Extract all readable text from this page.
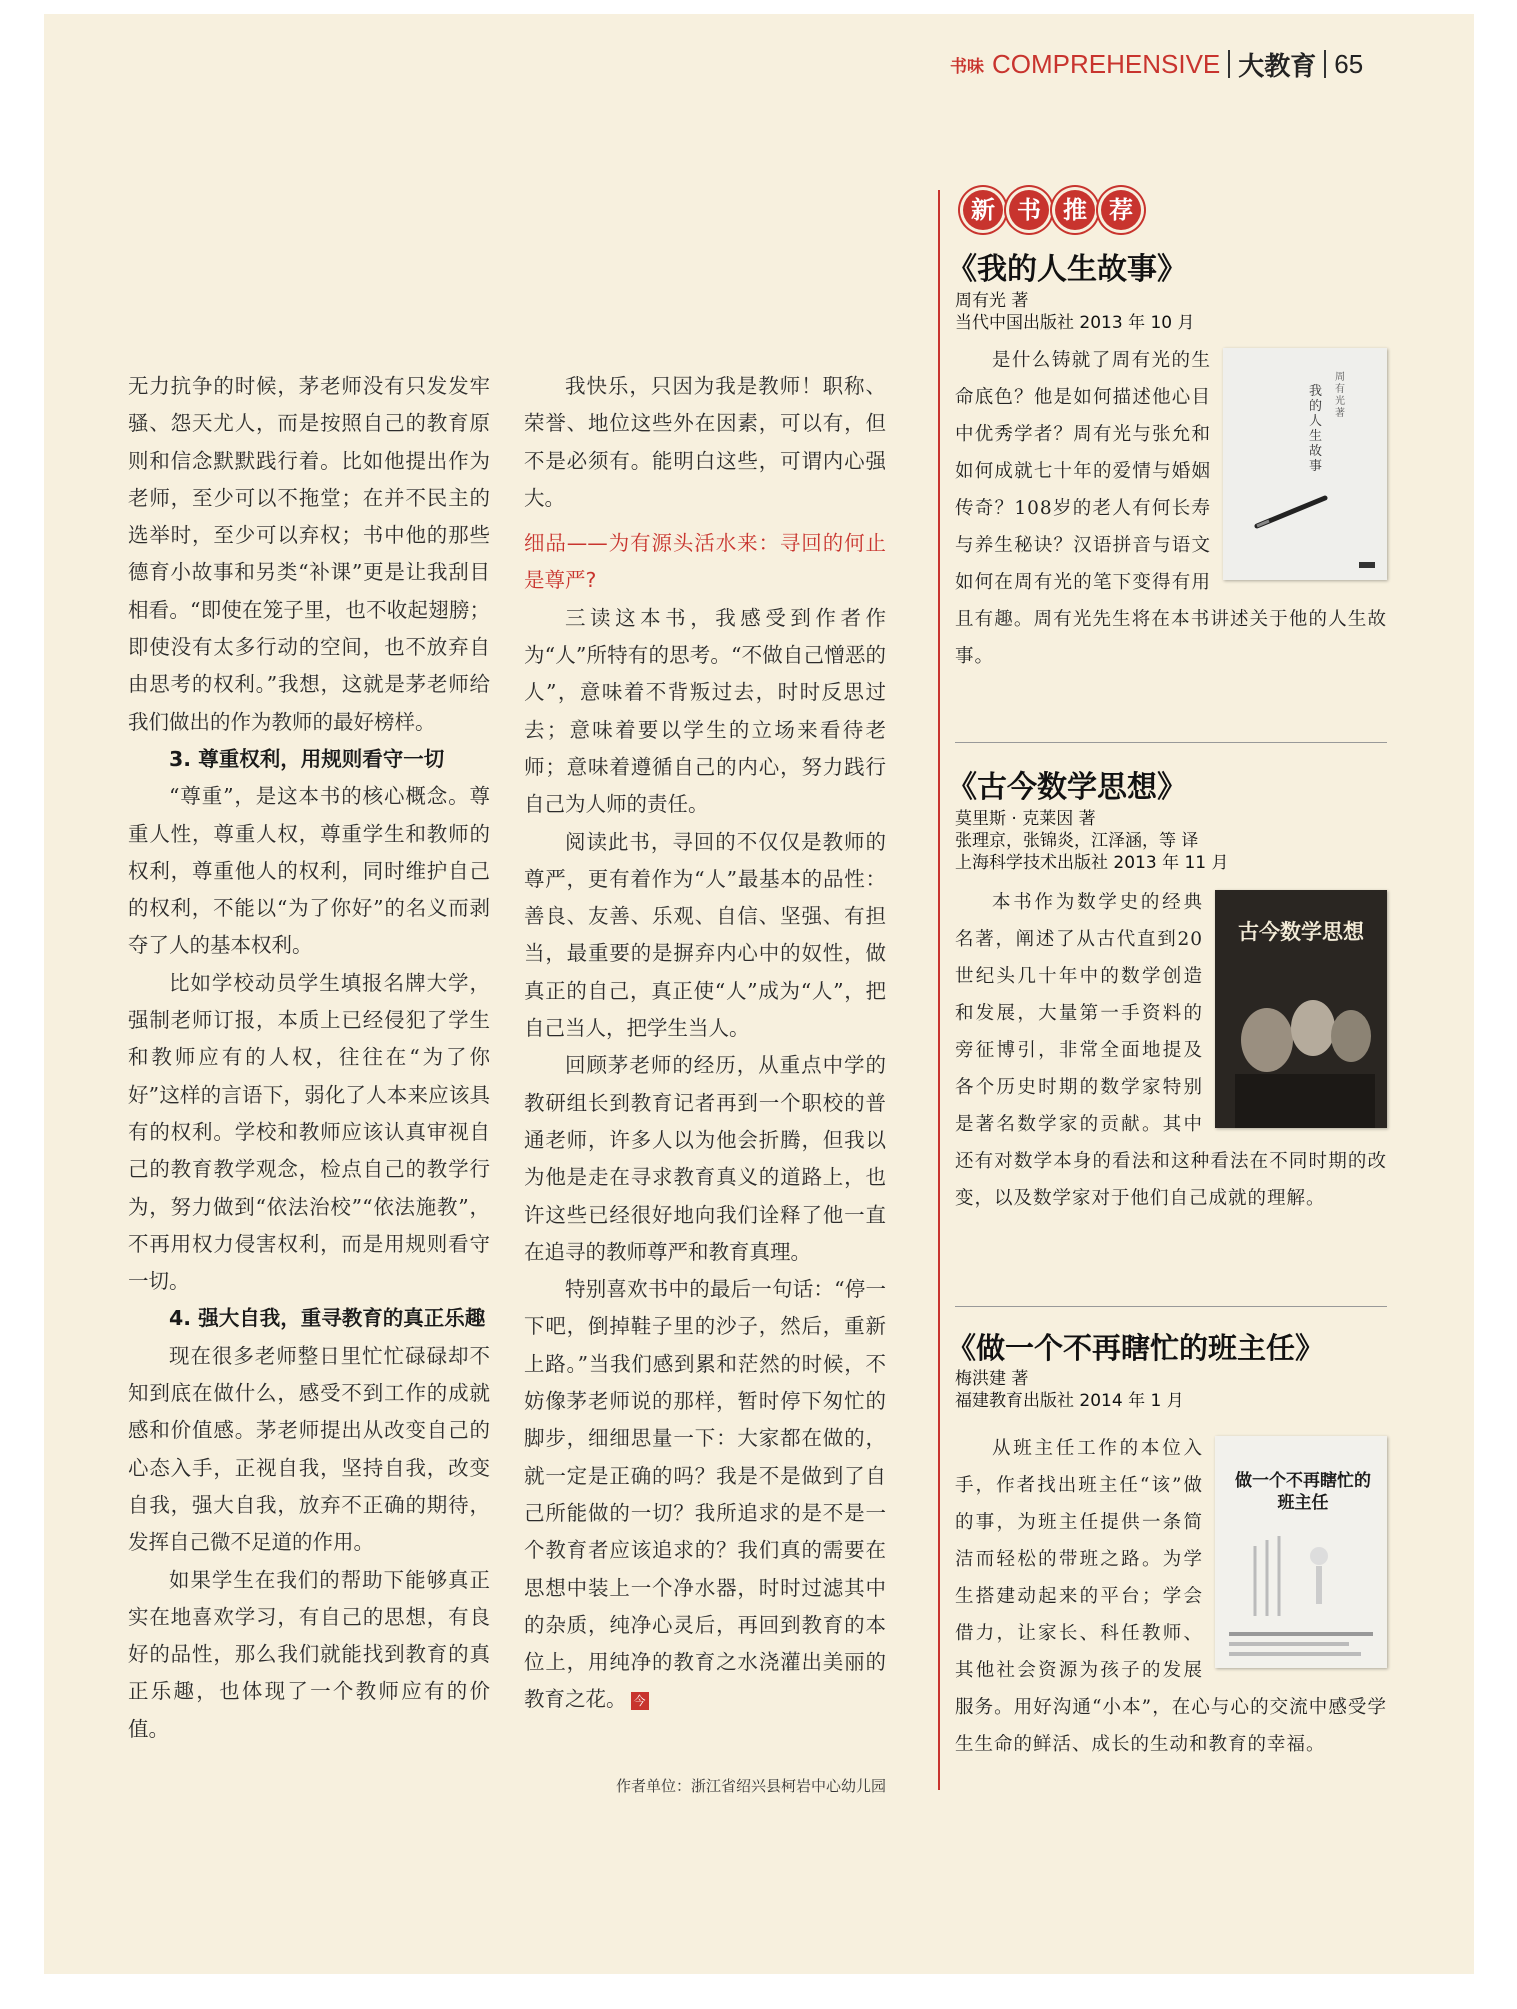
书味 COMPREHENSIVE 大教育 65

无力抗争的时候，茅老师没有只发发牢骚、怨天尤人，而是按照自己的教育原则和信念默默践行着。比如他提出作为老师，至少可以不拖堂；在并不民主的选举时，至少可以弃权；书中他的那些德育小故事和另类“补课”更是让我刮目相看。“即使在笼子里，也不收起翅膀；即使没有太多行动的空间，也不放弃自由思考的权利。”我想，这就是茅老师给我们做出的作为教师的最好榜样。

3. 尊重权利，用规则看守一切

“尊重”，是这本书的核心概念。尊重人性，尊重人权，尊重学生和教师的权利，尊重他人的权利，同时维护自己的权利，不能以“为了你好”的名义而剥夺了人的基本权利。

比如学校动员学生填报名牌大学，强制老师订报，本质上已经侵犯了学生和教师应有的人权，往往在“为了你好”这样的言语下，弱化了人本来应该具有的权利。学校和教师应该认真审视自己的教育教学观念，检点自己的教学行为，努力做到“依法治校”“依法施教”，不再用权力侵害权利，而是用规则看守一切。

4. 强大自我，重寻教育的真正乐趣

现在很多老师整日里忙忙碌碌却不知到底在做什么，感受不到工作的成就感和价值感。茅老师提出从改变自己的心态入手，正视自我，坚持自我，改变自我，强大自我，放弃不正确的期待，发挥自己微不足道的作用。

如果学生在我们的帮助下能够真正实在地喜欢学习，有自己的思想，有良好的品性，那么我们就能找到教育的真正乐趣，也体现了一个教师应有的价值。

我快乐，只因为我是教师！职称、荣誉、地位这些外在因素，可以有，但不是必须有。能明白这些，可谓内心强大。

细品——为有源头活水来：寻回的何止是尊严?

三读这本书，我感受到作者作为“人”所特有的思考。“不做自己憎恶的人”，意味着不背叛过去，时时反思过去；意味着要以学生的立场来看待老师；意味着遵循自己的内心，努力践行自己为人师的责任。

阅读此书，寻回的不仅仅是教师的尊严，更有着作为“人”最基本的品性：善良、友善、乐观、自信、坚强、有担当，最重要的是摒弃内心中的奴性，做真正的自己，真正使“人”成为“人”，把自己当人，把学生当人。

回顾茅老师的经历，从重点中学的教研组长到教育记者再到一个职校的普通老师，许多人以为他会折腾，但我以为他是走在寻求教育真义的道路上，也许这些已经很好地向我们诠释了他一直在追寻的教师尊严和教育真理。

特别喜欢书中的最后一句话：“停一下吧，倒掉鞋子里的沙子，然后，重新上路。”当我们感到累和茫然的时候，不妨像茅老师说的那样，暂时停下匆忙的脚步，细细思量一下：大家都在做的，就一定是正确的吗？我是不是做到了自己所能做的一切？我所追求的是不是一个教育者应该追求的？我们真的需要在思想中装上一个净水器，时时过滤其中的杂质，纯净心灵后，再回到教育的本位上，用纯净的教育之水浇灌出美丽的教育之花。 今

作者单位：浙江省绍兴县柯岩中心幼儿园
新 书 推 荐

《我的人生故事》

周有光 著

当代中国出版社 2013 年 10 月

我的人生故事
周有光 著

是什么铸就了周有光的生命底色？他是如何描述他心目中优秀学者？周有光与张允和如何成就七十年的爱情与婚姻传奇？108岁的老人有何长寿与养生秘诀？汉语拼音与语文如何在周有光的笔下变得有用且有趣。周有光先生将在本书讲述关于他的人生故事。

《古今数学思想》

莫里斯 · 克莱因 著

张理京，张锦炎，江泽涵，等 译

上海科学技术出版社 2013 年 11 月

古今数学思想

本书作为数学史的经典名著，阐述了从古代直到20世纪头几十年中的数学创造和发展，大量第一手资料的旁征博引，非常全面地提及各个历史时期的数学家特别是著名数学家的贡献。其中还有对数学本身的看法和这种看法在不同时期的改变，以及数学家对于他们自己成就的理解。

《做一个不再瞎忙的班主任》

梅洪建 著

福建教育出版社 2014 年 1 月

做一个不再瞎忙的班主任

从班主任工作的本位入手，作者找出班主任“该”做的事，为班主任提供一条简洁而轻松的带班之路。为学生搭建动起来的平台；学会借力，让家长、科任教师、其他社会资源为孩子的发展服务。用好沟通“小本”，在心与心的交流中感受学生生命的鲜活、成长的生动和教育的幸福。
